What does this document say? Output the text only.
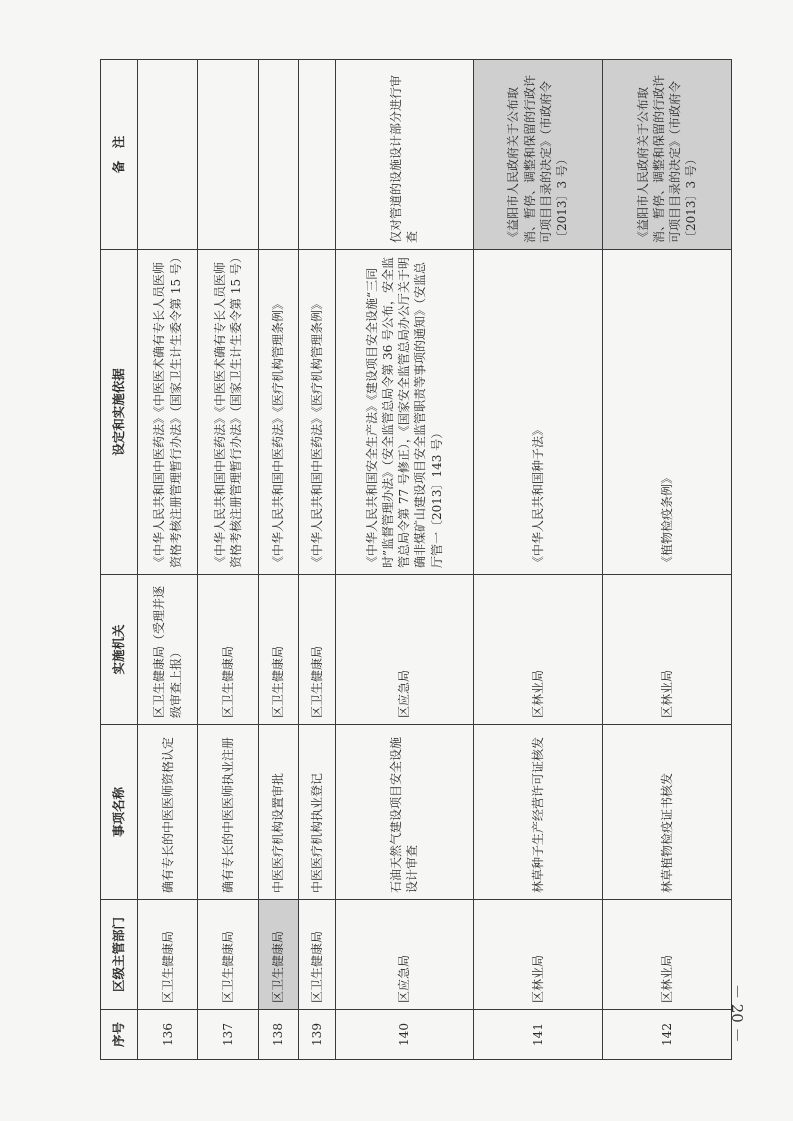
序号	区级主管部门	事项名称	实施机关	设定和实施依据	备　注
136	区卫生健康局	确有专长的中医医师资格认定	区卫生健康局（受理并逐级审查上报）	《中华人民共和国中医药法》《中医医术确有专长人员医师资格考核注册管理暂行办法》（国家卫生计生委令第 15 号）	
137	区卫生健康局	确有专长的中医医师执业注册	区卫生健康局	《中华人民共和国中医药法》《中医医术确有专长人员医师资格考核注册管理暂行办法》（国家卫生计生委令第 15 号）	
138	区卫生健康局	中医医疗机构设置审批	区卫生健康局	《中华人民共和国中医药法》《医疗机构管理条例》	
139	区卫生健康局	中医医疗机构执业登记	区卫生健康局	《中华人民共和国中医药法》《医疗机构管理条例》	
140	区应急局	石油天然气建设项目安全设施设计审查	区应急局	《中华人民共和国安全生产法》《建设项目安全设施“三同时”监督管理办法》（安全监管总局令第 36 号公布，安全监管总局令第 77 号修正），《国家安全监管总局办公厅关于明确非煤矿山建设项目安全监管职责等事项的通知》（安监总厅管一〔2013〕143 号）	仅对管道的设施设计部分进行审查
141	区林业局	林草种子生产经营许可证核发	区林业局	《中华人民共和国种子法》	《益阳市人民政府关于公布取消、暂停、调整和保留的行政许可项目目录的决定》（市政府令〔2013〕3 号）
142	区林业局	林草植物检疫证书核发	区林业局	《植物检疫条例》	《益阳市人民政府关于公布取消、暂停、调整和保留的行政许可项目目录的决定》（市政府令〔2013〕3 号）
－ 20 －
